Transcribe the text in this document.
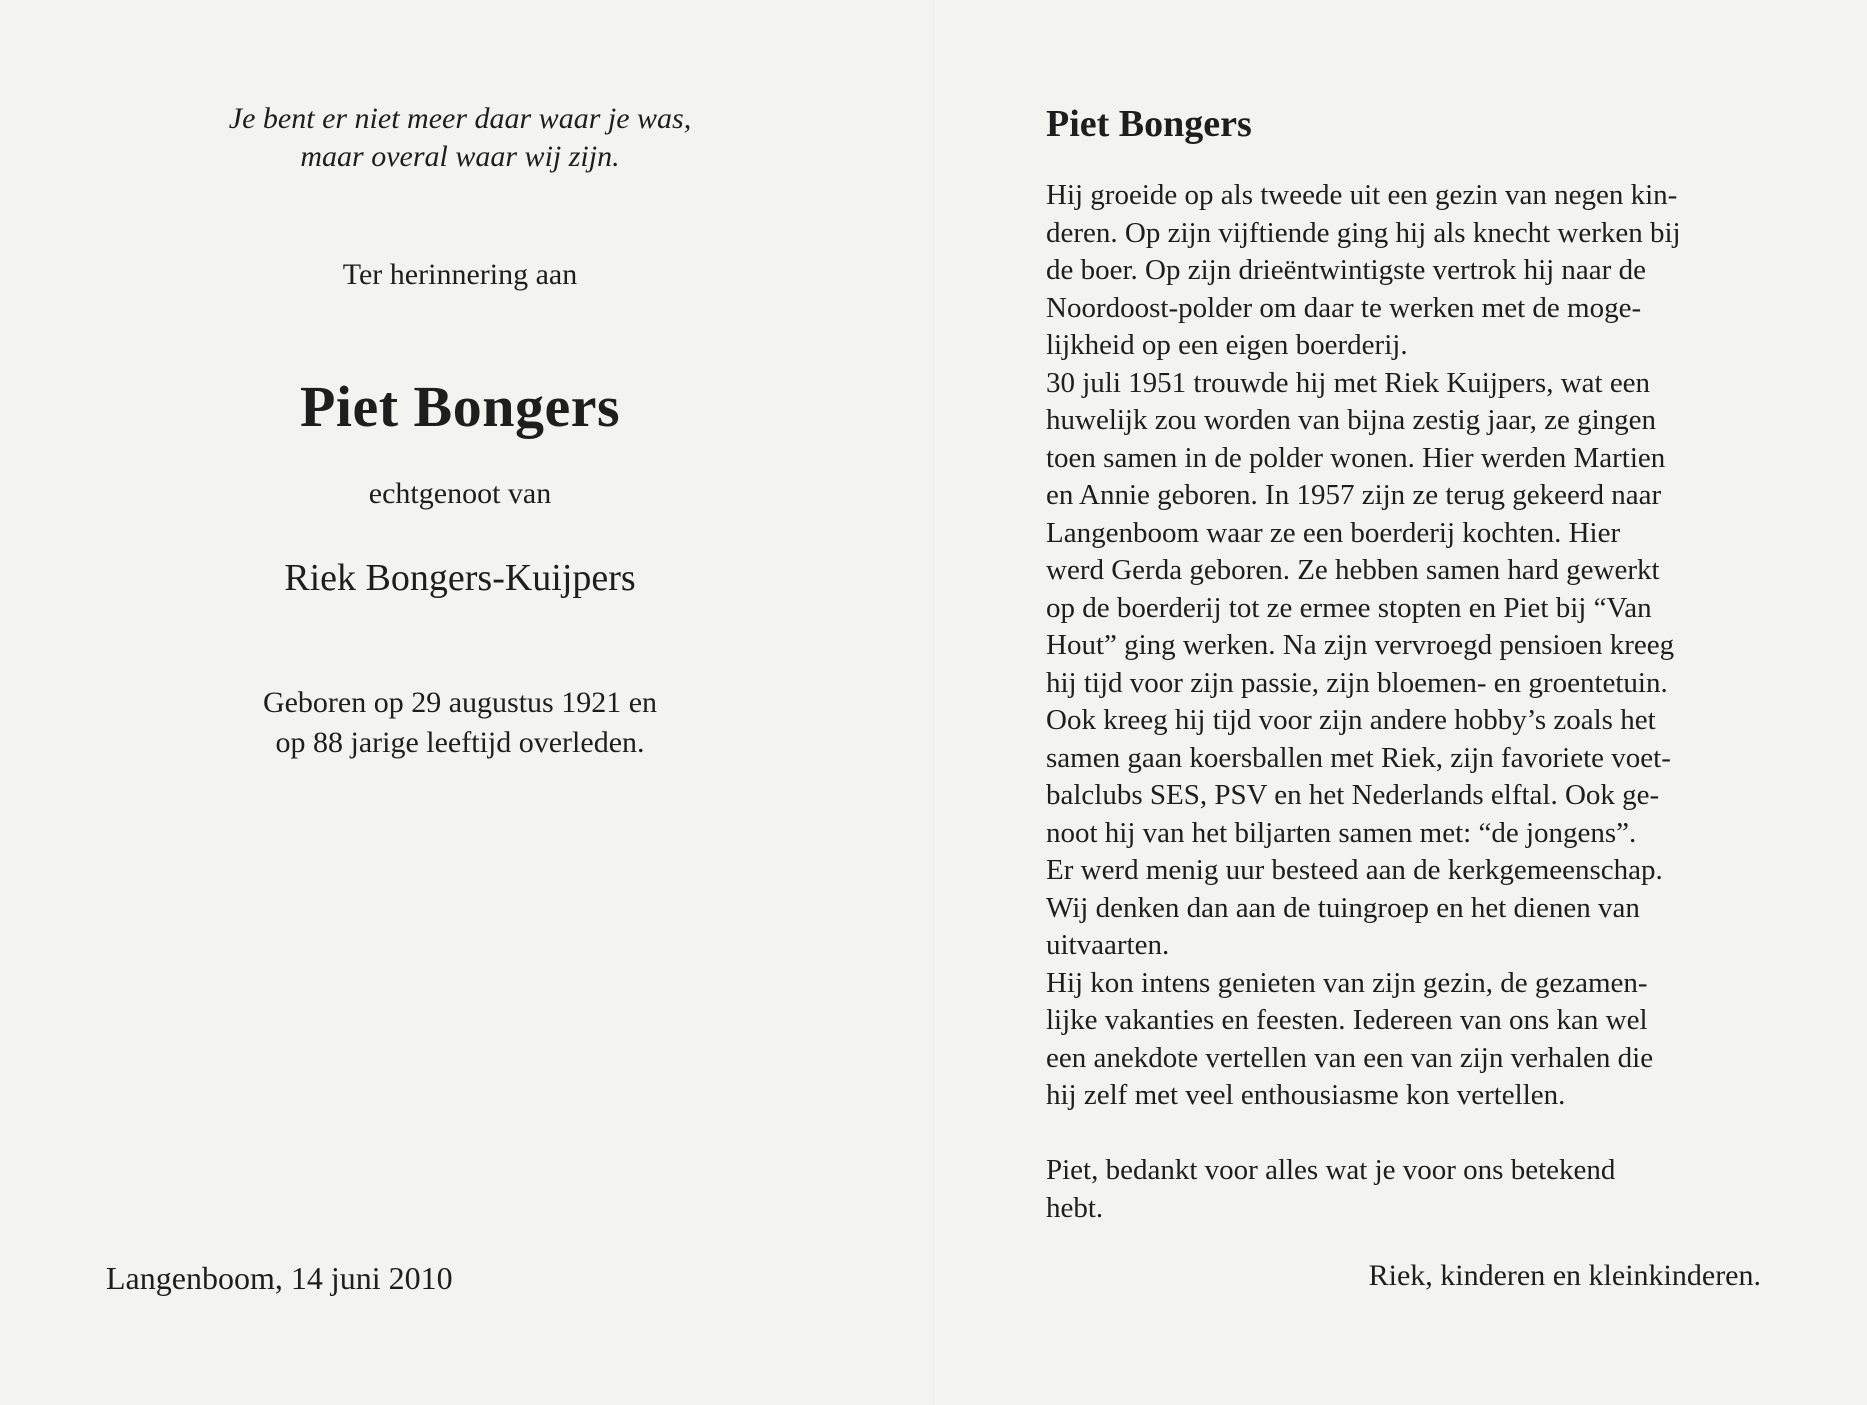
Je bent er niet meer daar waar je was,
maar overal waar wij zijn.
Ter herinnering aan
Piet Bongers
echtgenoot van
Riek Bongers-Kuijpers
Geboren op 29 augustus 1921 en
op 88 jarige leeftijd overleden.
Langenboom, 14 juni 2010
Piet Bongers
Hij groeide op als tweede uit een gezin van negen kin-
deren. Op zijn vijftiende ging hij als knecht werken bij
de boer. Op zijn drieëntwintigste vertrok hij naar de
Noordoost-polder om daar te werken met de moge-
lijkheid op een eigen boerderij.
30 juli 1951 trouwde hij met Riek Kuijpers, wat een
huwelijk zou worden van bijna zestig jaar, ze gingen
toen samen in de polder wonen. Hier werden Martien
en Annie geboren. In 1957 zijn ze terug gekeerd naar
Langenboom waar ze een boerderij kochten. Hier
werd Gerda geboren. Ze hebben samen hard gewerkt
op de boerderij tot ze ermee stopten en Piet bij “Van
Hout” ging werken. Na zijn vervroegd pensioen kreeg
hij tijd voor zijn passie, zijn bloemen- en groentetuin.
Ook kreeg hij tijd voor zijn andere hobby’s zoals het
samen gaan koersballen met Riek, zijn favoriete voet-
balclubs SES, PSV en het Nederlands elftal. Ook ge-
noot hij van het biljarten samen met: “de jongens”.
Er werd menig uur besteed aan de kerkgemeenschap.
Wij denken dan aan de tuingroep en het dienen van
uitvaarten.
Hij kon intens genieten van zijn gezin, de gezamen-
lijke vakanties en feesten. Iedereen van ons kan wel
een anekdote vertellen van een van zijn verhalen die
hij zelf met veel enthousiasme kon vertellen.
Piet, bedankt voor alles wat je voor ons betekend
hebt.
Riek, kinderen en kleinkinderen.
